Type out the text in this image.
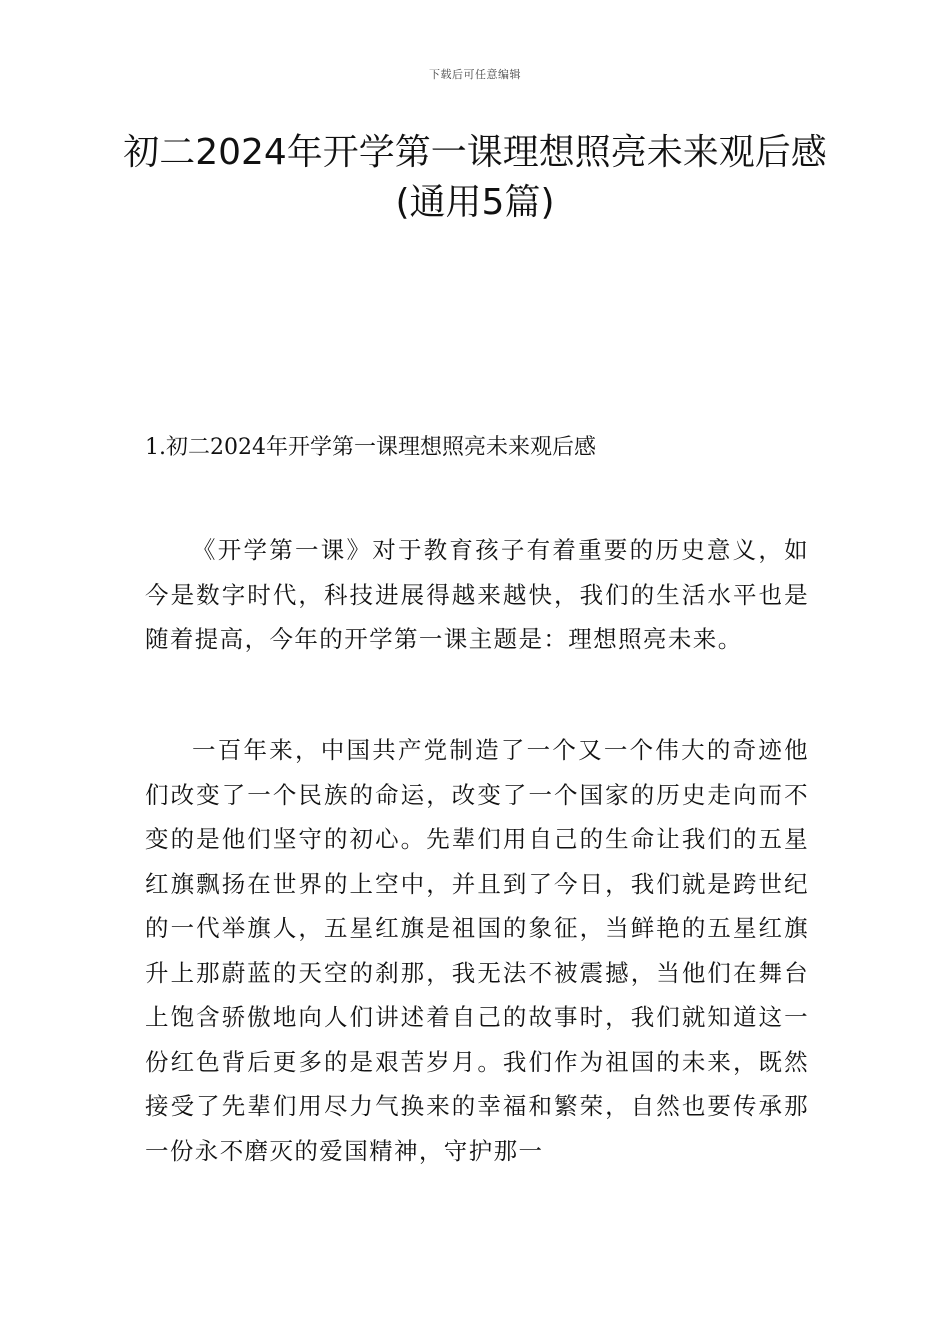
下载后可任意编辑
初二2024年开学第一课理想照亮未来观后感(通用5篇)
1.初二2024年开学第一课理想照亮未来观后感

《开学第一课》对于教育孩子有着重要的历史意义，如今是数字时代，科技进展得越来越快，我们的生活水平也是随着提高，今年的开学第一课主题是：理想照亮未来。

一百年来，中国共产党制造了一个又一个伟大的奇迹他们改变了一个民族的命运，改变了一个国家的历史走向而不变的是他们坚守的初心。先辈们用自己的生命让我们的五星红旗飘扬在世界的上空中，并且到了今日，我们就是跨世纪的一代举旗人，五星红旗是祖国的象征，当鲜艳的五星红旗升上那蔚蓝的天空的刹那，我无法不被震撼，当他们在舞台上饱含骄傲地向人们讲述着自己的故事时，我们就知道这一份红色背后更多的是艰苦岁月。我们作为祖国的未来，既然接受了先辈们用尽力气换来的幸福和繁荣，自然也要传承那一份永不磨灭的爱国精神，守护那一
